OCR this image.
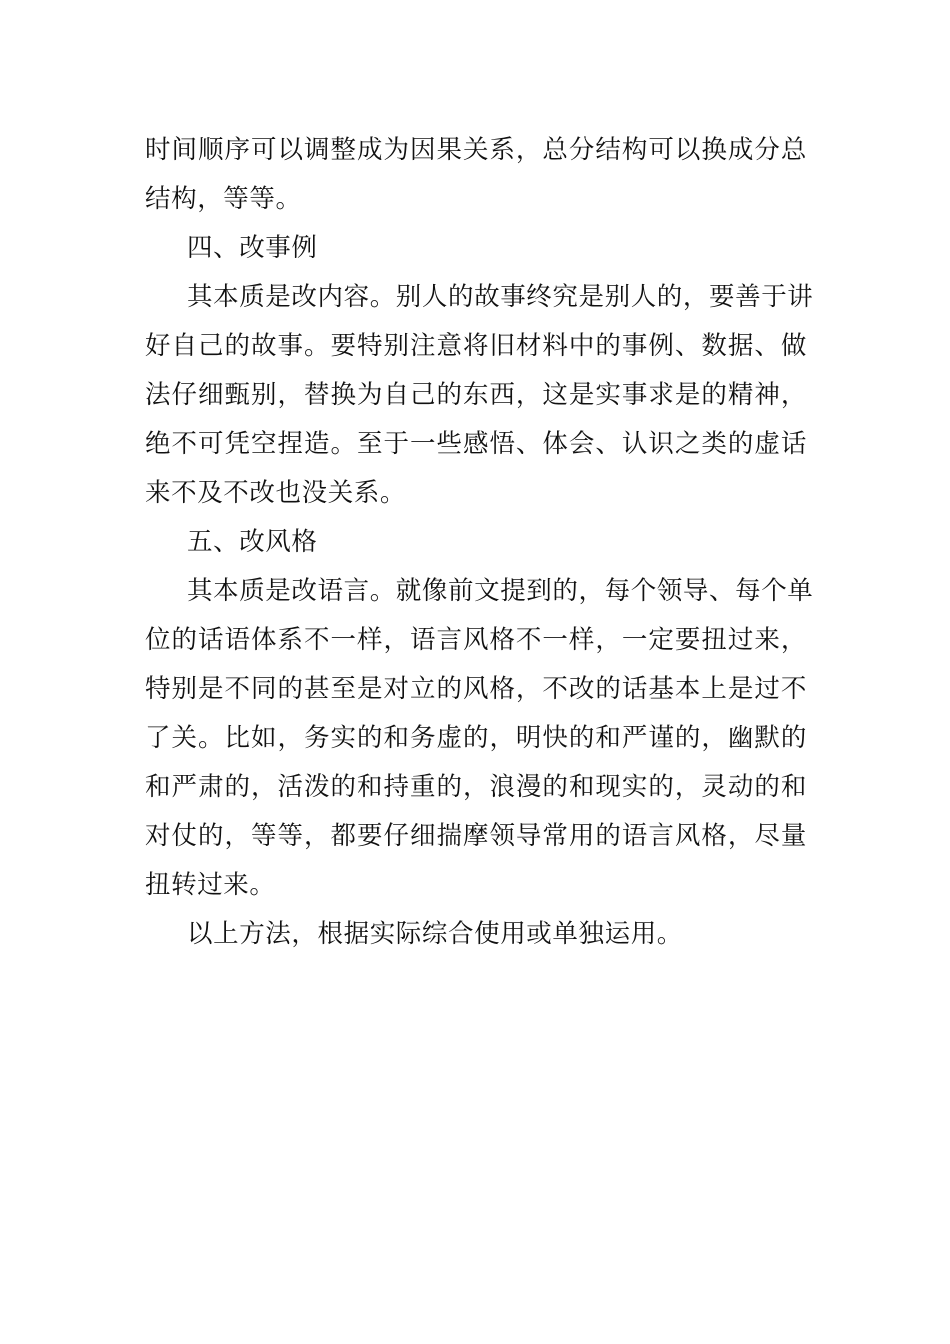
时间顺序可以调整成为因果关系，总分结构可以换成分总
结构，等等。
四、改事例
其本质是改内容。别人的故事终究是别人的，要善于讲
好自己的故事。要特别注意将旧材料中的事例、数据、做
法仔细甄别，替换为自己的东西，这是实事求是的精神，
绝不可凭空捏造。至于一些感悟、体会、认识之类的虚话
来不及不改也没关系。
五、改风格
其本质是改语言。就像前文提到的，每个领导、每个单
位的话语体系不一样，语言风格不一样，一定要扭过来，
特别是不同的甚至是对立的风格，不改的话基本上是过不
了关。比如，务实的和务虚的，明快的和严谨的，幽默的
和严肃的，活泼的和持重的，浪漫的和现实的，灵动的和
对仗的，等等，都要仔细揣摩领导常用的语言风格，尽量
扭转过来。
以上方法，根据实际综合使用或单独运用。
